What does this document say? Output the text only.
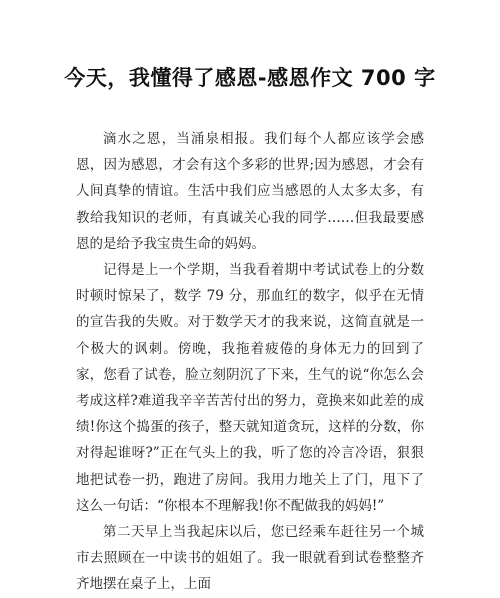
今天，我懂得了感恩-感恩作文 700 字

滴水之恩，当涌泉相报。我们每个人都应该学会感恩，因为感恩，才会有这个多彩的世界;因为感恩，才会有人间真挚的情谊。生活中我们应当感恩的人太多太多，有教给我知识的老师，有真诚关心我的同学……但我最要感恩的是给予我宝贵生命的妈妈。

记得是上一个学期，当我看着期中考试试卷上的分数时顿时惊呆了，数学 79 分，那血红的数字，似乎在无情的宣告我的失败。对于数学天才的我来说，这简直就是一个极大的讽刺。傍晚，我拖着疲倦的身体无力的回到了家，您看了试卷，脸立刻阴沉了下来，生气的说“你怎么会考成这样?难道我辛辛苦苦付出的努力，竟换来如此差的成绩!你这个捣蛋的孩子，整天就知道贪玩，这样的分数，你对得起谁呀?”正在气头上的我，听了您的冷言冷语，狠狠地把试卷一扔，跑进了房间。我用力地关上了门，甩下了这么一句话：“你根本不理解我!你不配做我的妈妈!”

第二天早上当我起床以后，您已经乘车赶往另一个城市去照顾在一中读书的姐姐了。我一眼就看到试卷整整齐齐地摆在桌子上，上面
